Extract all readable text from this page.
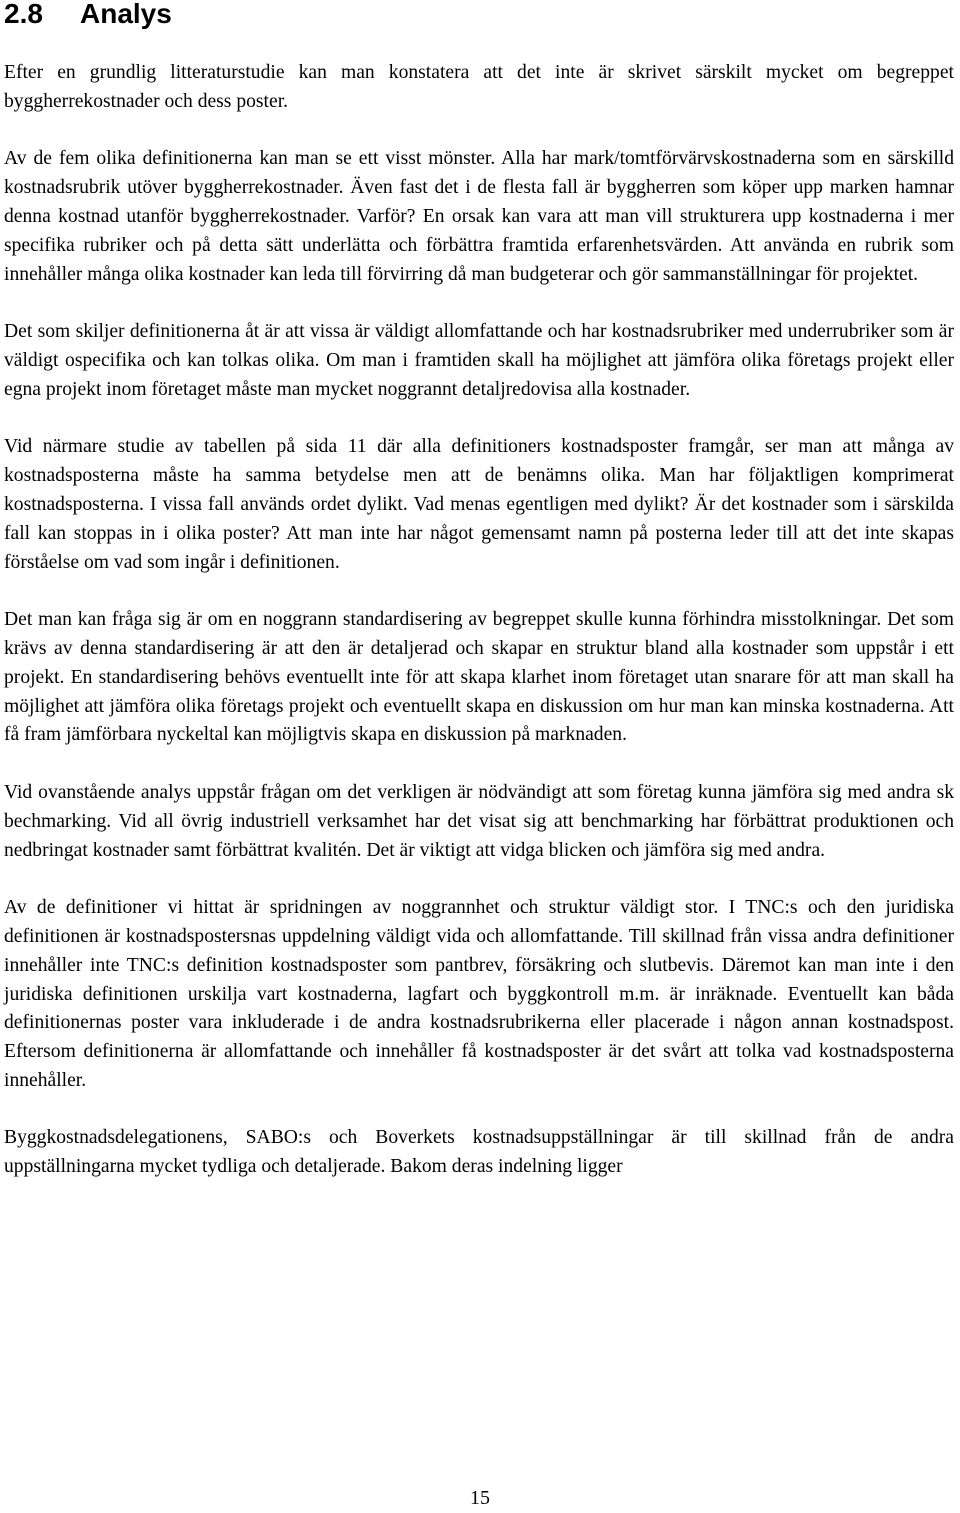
2.8 Analys

Efter en grundlig litteraturstudie kan man konstatera att det inte är skrivet särskilt mycket om begreppet byggherrekostnader och dess poster.

Av de fem olika definitionerna kan man se ett visst mönster. Alla har mark/tomtförvärvskostnaderna som en särskilld kostnadsrubrik utöver byggherrekostnader. Även fast det i de flesta fall är byggherren som köper upp marken hamnar denna kostnad utanför byggherrekostnader. Varför? En orsak kan vara att man vill strukturera upp kostnaderna i mer specifika rubriker och på detta sätt underlätta och förbättra framtida erfarenhetsvärden. Att använda en rubrik som innehåller många olika kostnader kan leda till förvirring då man budgeterar och gör sammanställningar för projektet.

Det som skiljer definitionerna åt är att vissa är väldigt allomfattande och har kostnadsrubriker med underrubriker som är väldigt ospecifika och kan tolkas olika. Om man i framtiden skall ha möjlighet att jämföra olika företags projekt eller egna projekt inom företaget måste man mycket noggrannt detaljredovisa alla kostnader.

Vid närmare studie av tabellen på sida 11 där alla definitioners kostnadsposter framgår, ser man att många av kostnadsposterna måste ha samma betydelse men att de benämns olika. Man har följaktligen komprimerat kostnadsposterna. I vissa fall används ordet dylikt. Vad menas egentligen med dylikt? Är det kostnader som i särskilda fall kan stoppas in i olika poster? Att man inte har något gemensamt namn på posterna leder till att det inte skapas förståelse om vad som ingår i definitionen.

Det man kan fråga sig är om en noggrann standardisering av begreppet skulle kunna förhindra misstolkningar. Det som krävs av denna standardisering är att den är detaljerad och skapar en struktur bland alla kostnader som uppstår i ett projekt. En standardisering behövs eventuellt inte för att skapa klarhet inom företaget utan snarare för att man skall ha möjlighet att jämföra olika företags projekt och eventuellt skapa en diskussion om hur man kan minska kostnaderna. Att få fram jämförbara nyckeltal kan möjligtvis skapa en diskussion på marknaden.

Vid ovanstående analys uppstår frågan om det verkligen är nödvändigt att som företag kunna jämföra sig med andra sk bechmarking. Vid all övrig industriell verksamhet har det visat sig att benchmarking har förbättrat produktionen och nedbringat kostnader samt förbättrat kvalitén. Det är viktigt att vidga blicken och jämföra sig med andra.

Av de definitioner vi hittat är spridningen av noggrannhet och struktur väldigt stor. I TNC:s och den juridiska definitionen är kostnadspostersnas uppdelning väldigt vida och allomfattande. Till skillnad från vissa andra definitioner innehåller inte TNC:s definition kostnadsposter som pantbrev, försäkring och slutbevis. Däremot kan man inte i den juridiska definitionen urskilja vart kostnaderna, lagfart och byggkontroll m.m. är inräknade. Eventuellt kan båda definitionernas poster vara inkluderade i de andra kostnadsrubrikerna eller placerade i någon annan kostnadspost. Eftersom definitionerna är allomfattande och innehåller få kostnadsposter är det svårt att tolka vad kostnadsposterna innehåller.

Byggkostnadsdelegationens, SABO:s och Boverkets kostnadsuppställningar är till skillnad från de andra uppställningarna mycket tydliga och detaljerade. Bakom deras indelning ligger

15
